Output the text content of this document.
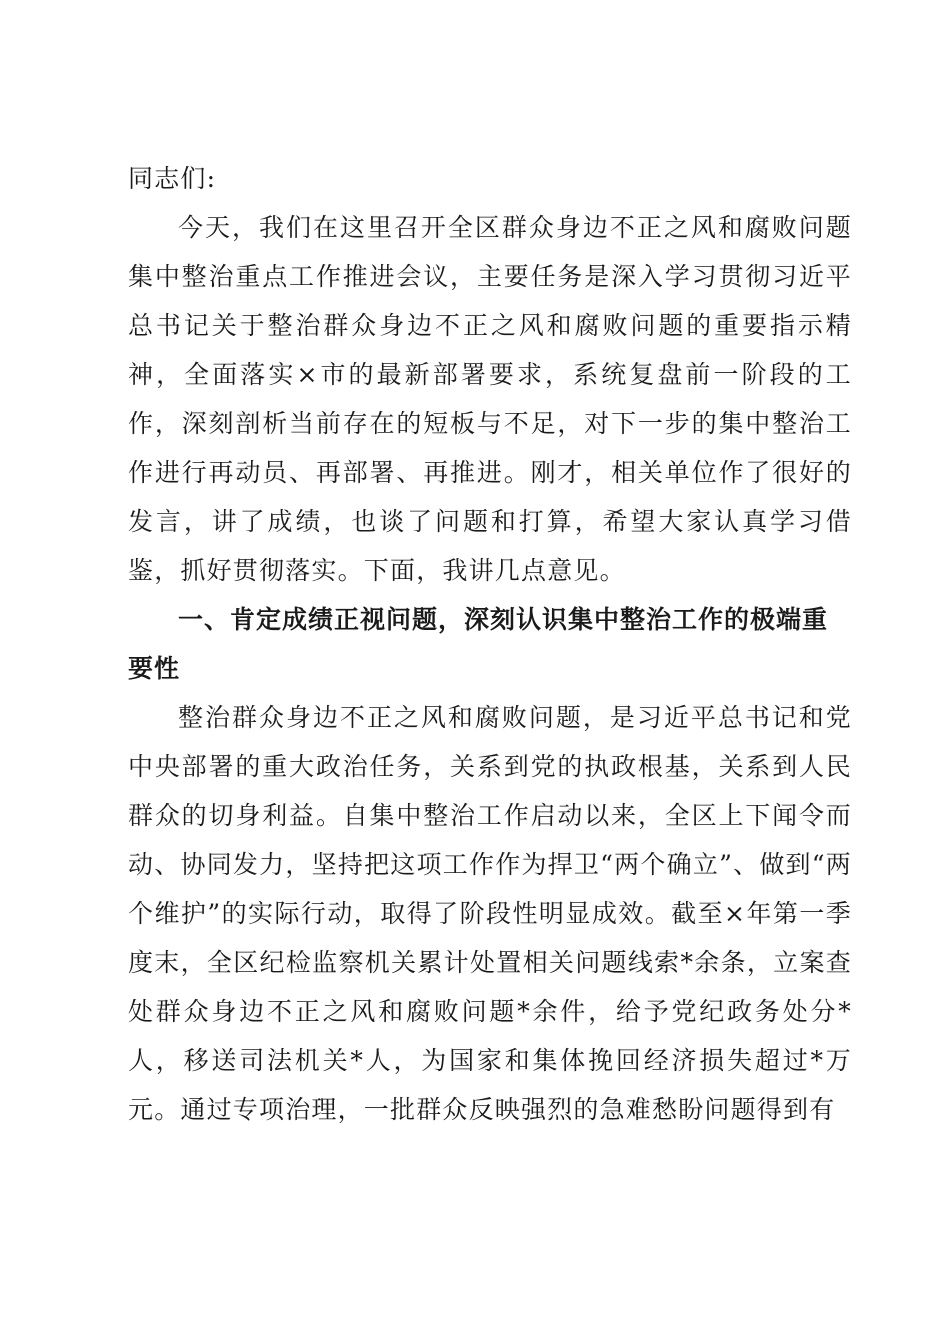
同志们:

今天，我们在这里召开全区群众身边不正之风和腐败问题集中整治重点工作推进会议，主要任务是深入学习贯彻习近平总书记关于整治群众身边不正之风和腐败问题的重要指示精神，全面落实×市的最新部署要求，系统复盘前一阶段的工作，深刻剖析当前存在的短板与不足，对下一步的集中整治工作进行再动员、再部署、再推进。刚才，相关单位作了很好的发言，讲了成绩，也谈了问题和打算，希望大家认真学习借鉴，抓好贯彻落实。下面，我讲几点意见。

一、肯定成绩正视问题，深刻认识集中整治工作的极端重要性

整治群众身边不正之风和腐败问题，是习近平总书记和党中央部署的重大政治任务，关系到党的执政根基，关系到人民群众的切身利益。自集中整治工作启动以来，全区上下闻令而动、协同发力，坚持把这项工作作为捍卫“两个确立”、做到“两个维护”的实际行动，取得了阶段性明显成效。截至×年第一季度末，全区纪检监察机关累计处置相关问题线索*余条，立案查处群众身边不正之风和腐败问题*余件，给予党纪政务处分*人，移送司法机关*人，为国家和集体挽回经济损失超过*万元。通过专项治理，一批群众反映强烈的急难愁盼问题得到有
